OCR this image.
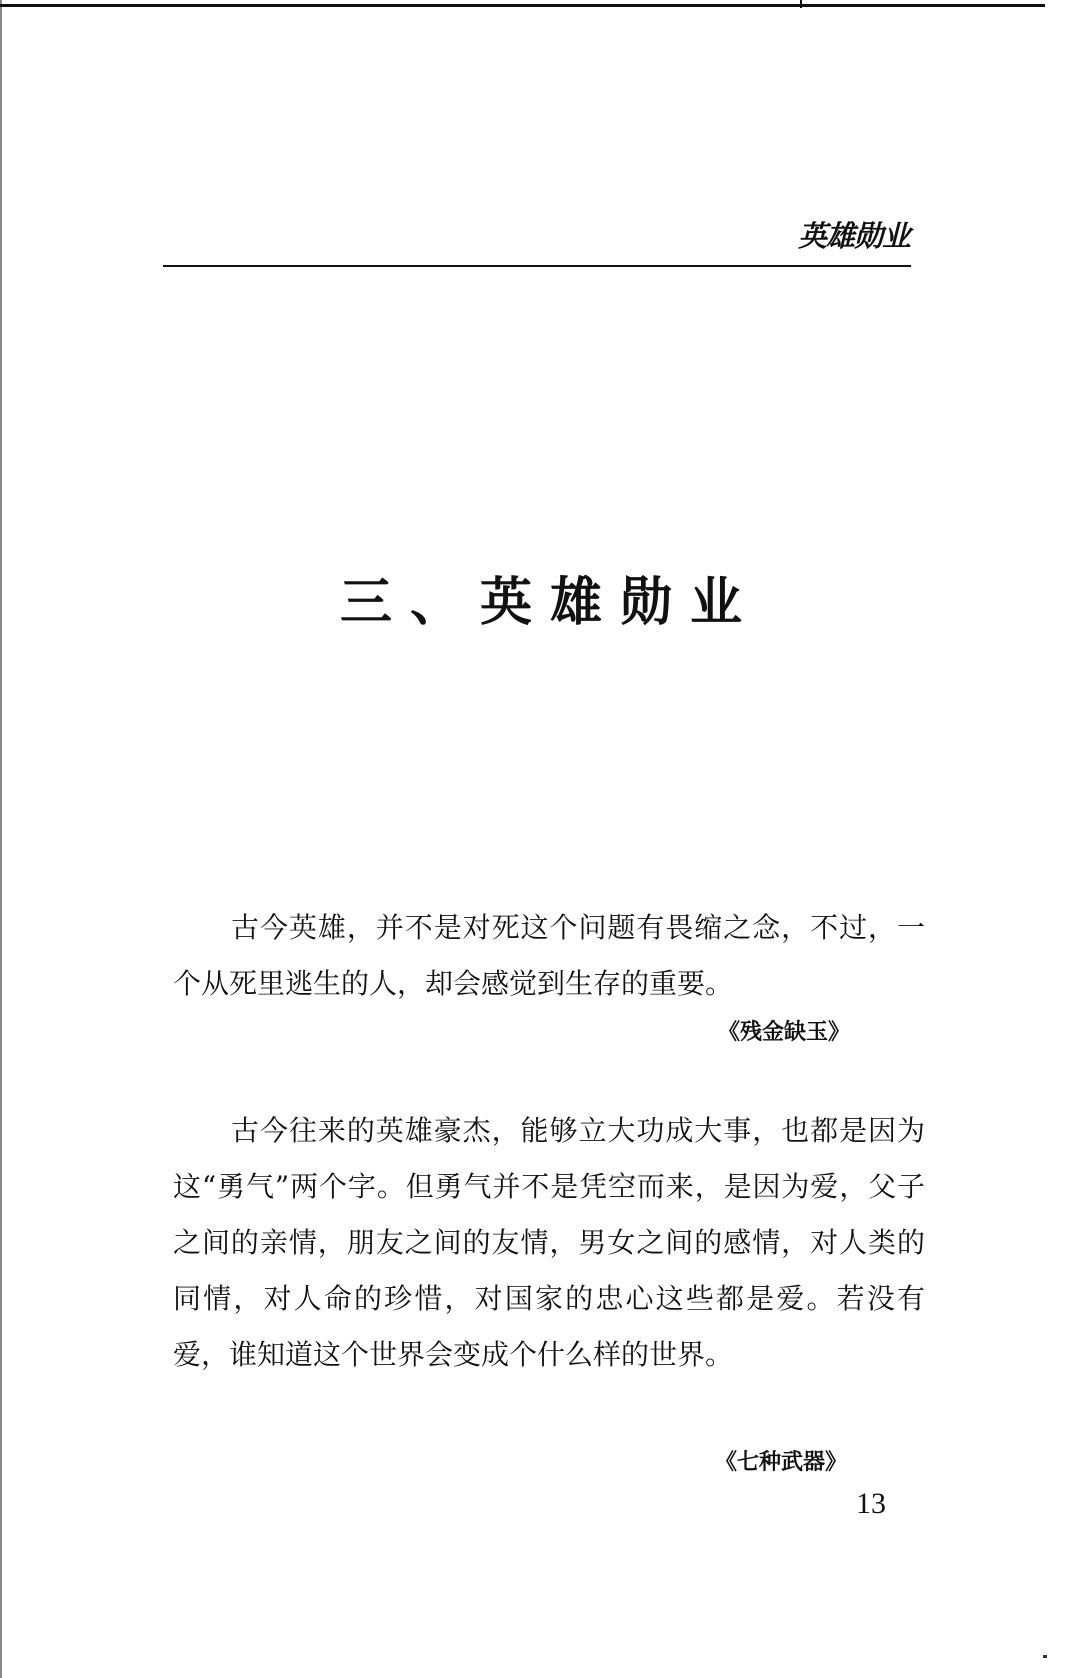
英雄勋业
三、英雄勋业

古今英雄，并不是对死这个问题有畏缩之念，不过，一个从死里逃生的人，却会感觉到生存的重要。

《残金缺玉》

古今往来的英雄豪杰，能够立大功成大事，也都是因为这“勇气”两个字。但勇气并不是凭空而来，是因为爱，父子之间的亲情，朋友之间的友情，男女之间的感情，对人类的同情，对人命的珍惜，对国家的忠心这些都是爱。若没有爱，谁知道这个世界会变成个什么样的世界。

《七种武器》
13
